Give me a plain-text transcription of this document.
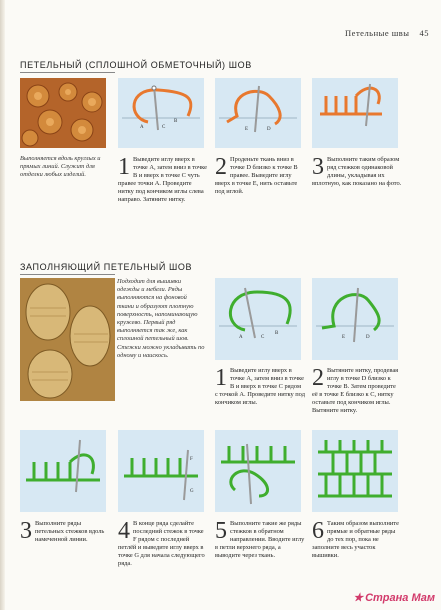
Петельные швы 45
ПЕТЕЛЬНЫЙ (СПЛОШНОЙ ОБМЕТОЧНЫЙ) ШОВ
Выполняется вдоль круглых и прямых линий. Служит для отделки любых изделий.
A	C
B
E	D
1 Выведите иглу вверх в точке А, затем вниз в точке В и вверх в точке С чуть правее точки А. Проведите нитку под кончиком иглы слева направо. Затяните нитку.
2 Проденьте ткань вниз в точке D близко к точке В правее. Выведите иглу вверх в точке Е, нить оставьте под иглой.
3 Выполните таким образом ряд стежков одинаковой длины, укладывая их вплотную, как показано на фото.
ЗАПОЛНЯЮЩИЙ ПЕТЕЛЬНЫЙ ШОВ
Подходит для вышивки одежды и мебели. Ряды выполняются на фоновой ткани и образуют плотную поверхность, напоминающую кружево. Первый ряд выполняется так же, как сплошной петельный шов. Стежки можно укладывать по одному и наискось.
A	C
B
E	D
1 Выведите иглу вверх в точке А, затем вниз в точке В и вверх в точке С рядом с точкой А. Проведите нитку под кончиком иглы.
2 Вытяните нитку, продевая иглу в точке D близко к точке В. Затем проведите её в точке Е близко к С, нитку оставьте под кончиком иглы. Вытяните нитку.
F
G
3 Выполните ряды петельных стежков вдоль намеченной линии.	4 В конце ряда сделайте последний стежок в точке F рядом с последней петлёй и выведите иглу вверх в точке G для начала следующего ряда.
5 Выполните такие же ряды стежков в обратном направлении. Вводите иглу в петли верхнего ряда, а выводите через ткань.
6 Таким образом выполните прямые и обратные ряды до тех пор, пока не заполните весь участок вышивки.
★ Страна Мам
